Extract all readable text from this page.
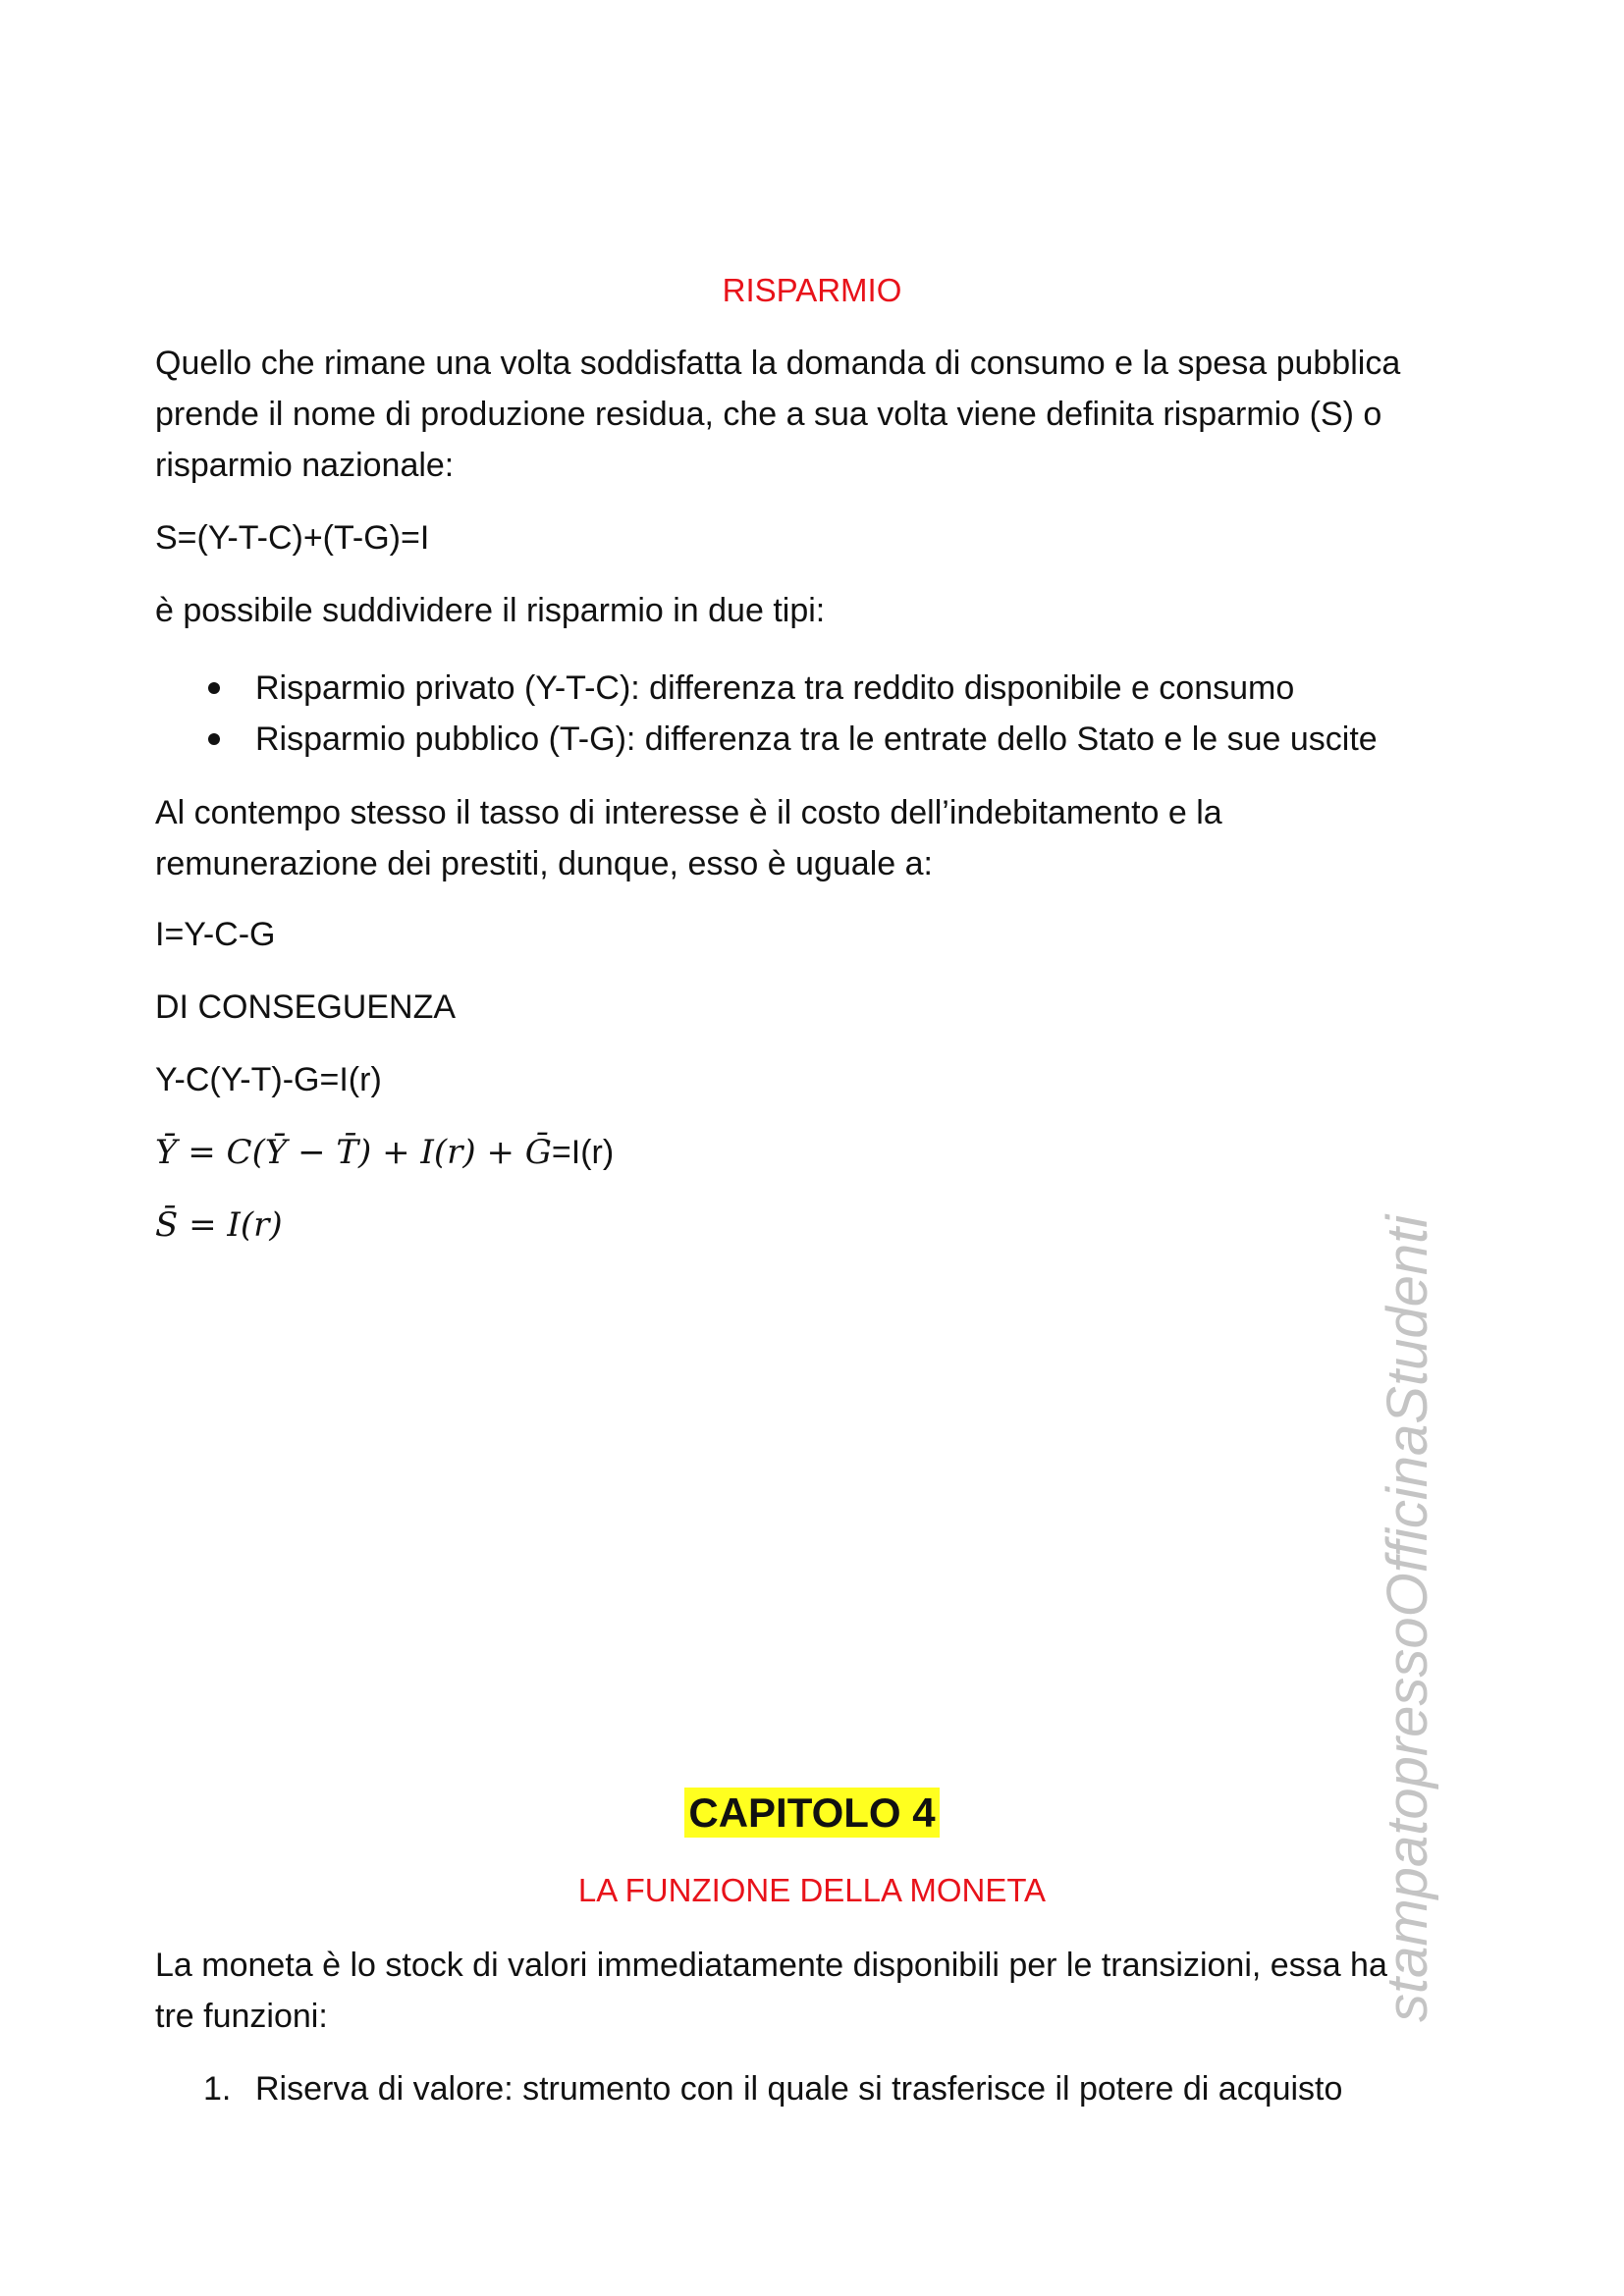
RISPARMIO
Quello che rimane una volta soddisfatta la domanda di consumo e la spesa pubblica
prende il nome di produzione residua, che a sua volta viene definita risparmio (S) o
risparmio nazionale:
S=(Y-T-C)+(T-G)=I
è possibile suddividere il risparmio in due tipi:
Risparmio privato (Y-T-C): differenza tra reddito disponibile e consumo
Risparmio pubblico (T-G): differenza tra le entrate dello Stato e le sue uscite
Al contempo stesso il tasso di interesse è il costo dell’indebitamento e la
remunerazione dei prestiti, dunque, esso è uguale a:
I=Y-C-G
DI CONSEGUENZA
Y-C(Y-T)-G=I(r)
Ȳ = C(Ȳ − T̄) + I(r) + Ḡ=I(r)
S̄ = I(r)
CAPITOLO 4
LA FUNZIONE DELLA MONETA
La moneta è lo stock di valori immediatamente disponibili per le transizioni, essa ha
tre funzioni:
1. Riserva di valore: strumento con il quale si trasferisce il potere di acquisto
stampatopressoOfficinaStudenti
